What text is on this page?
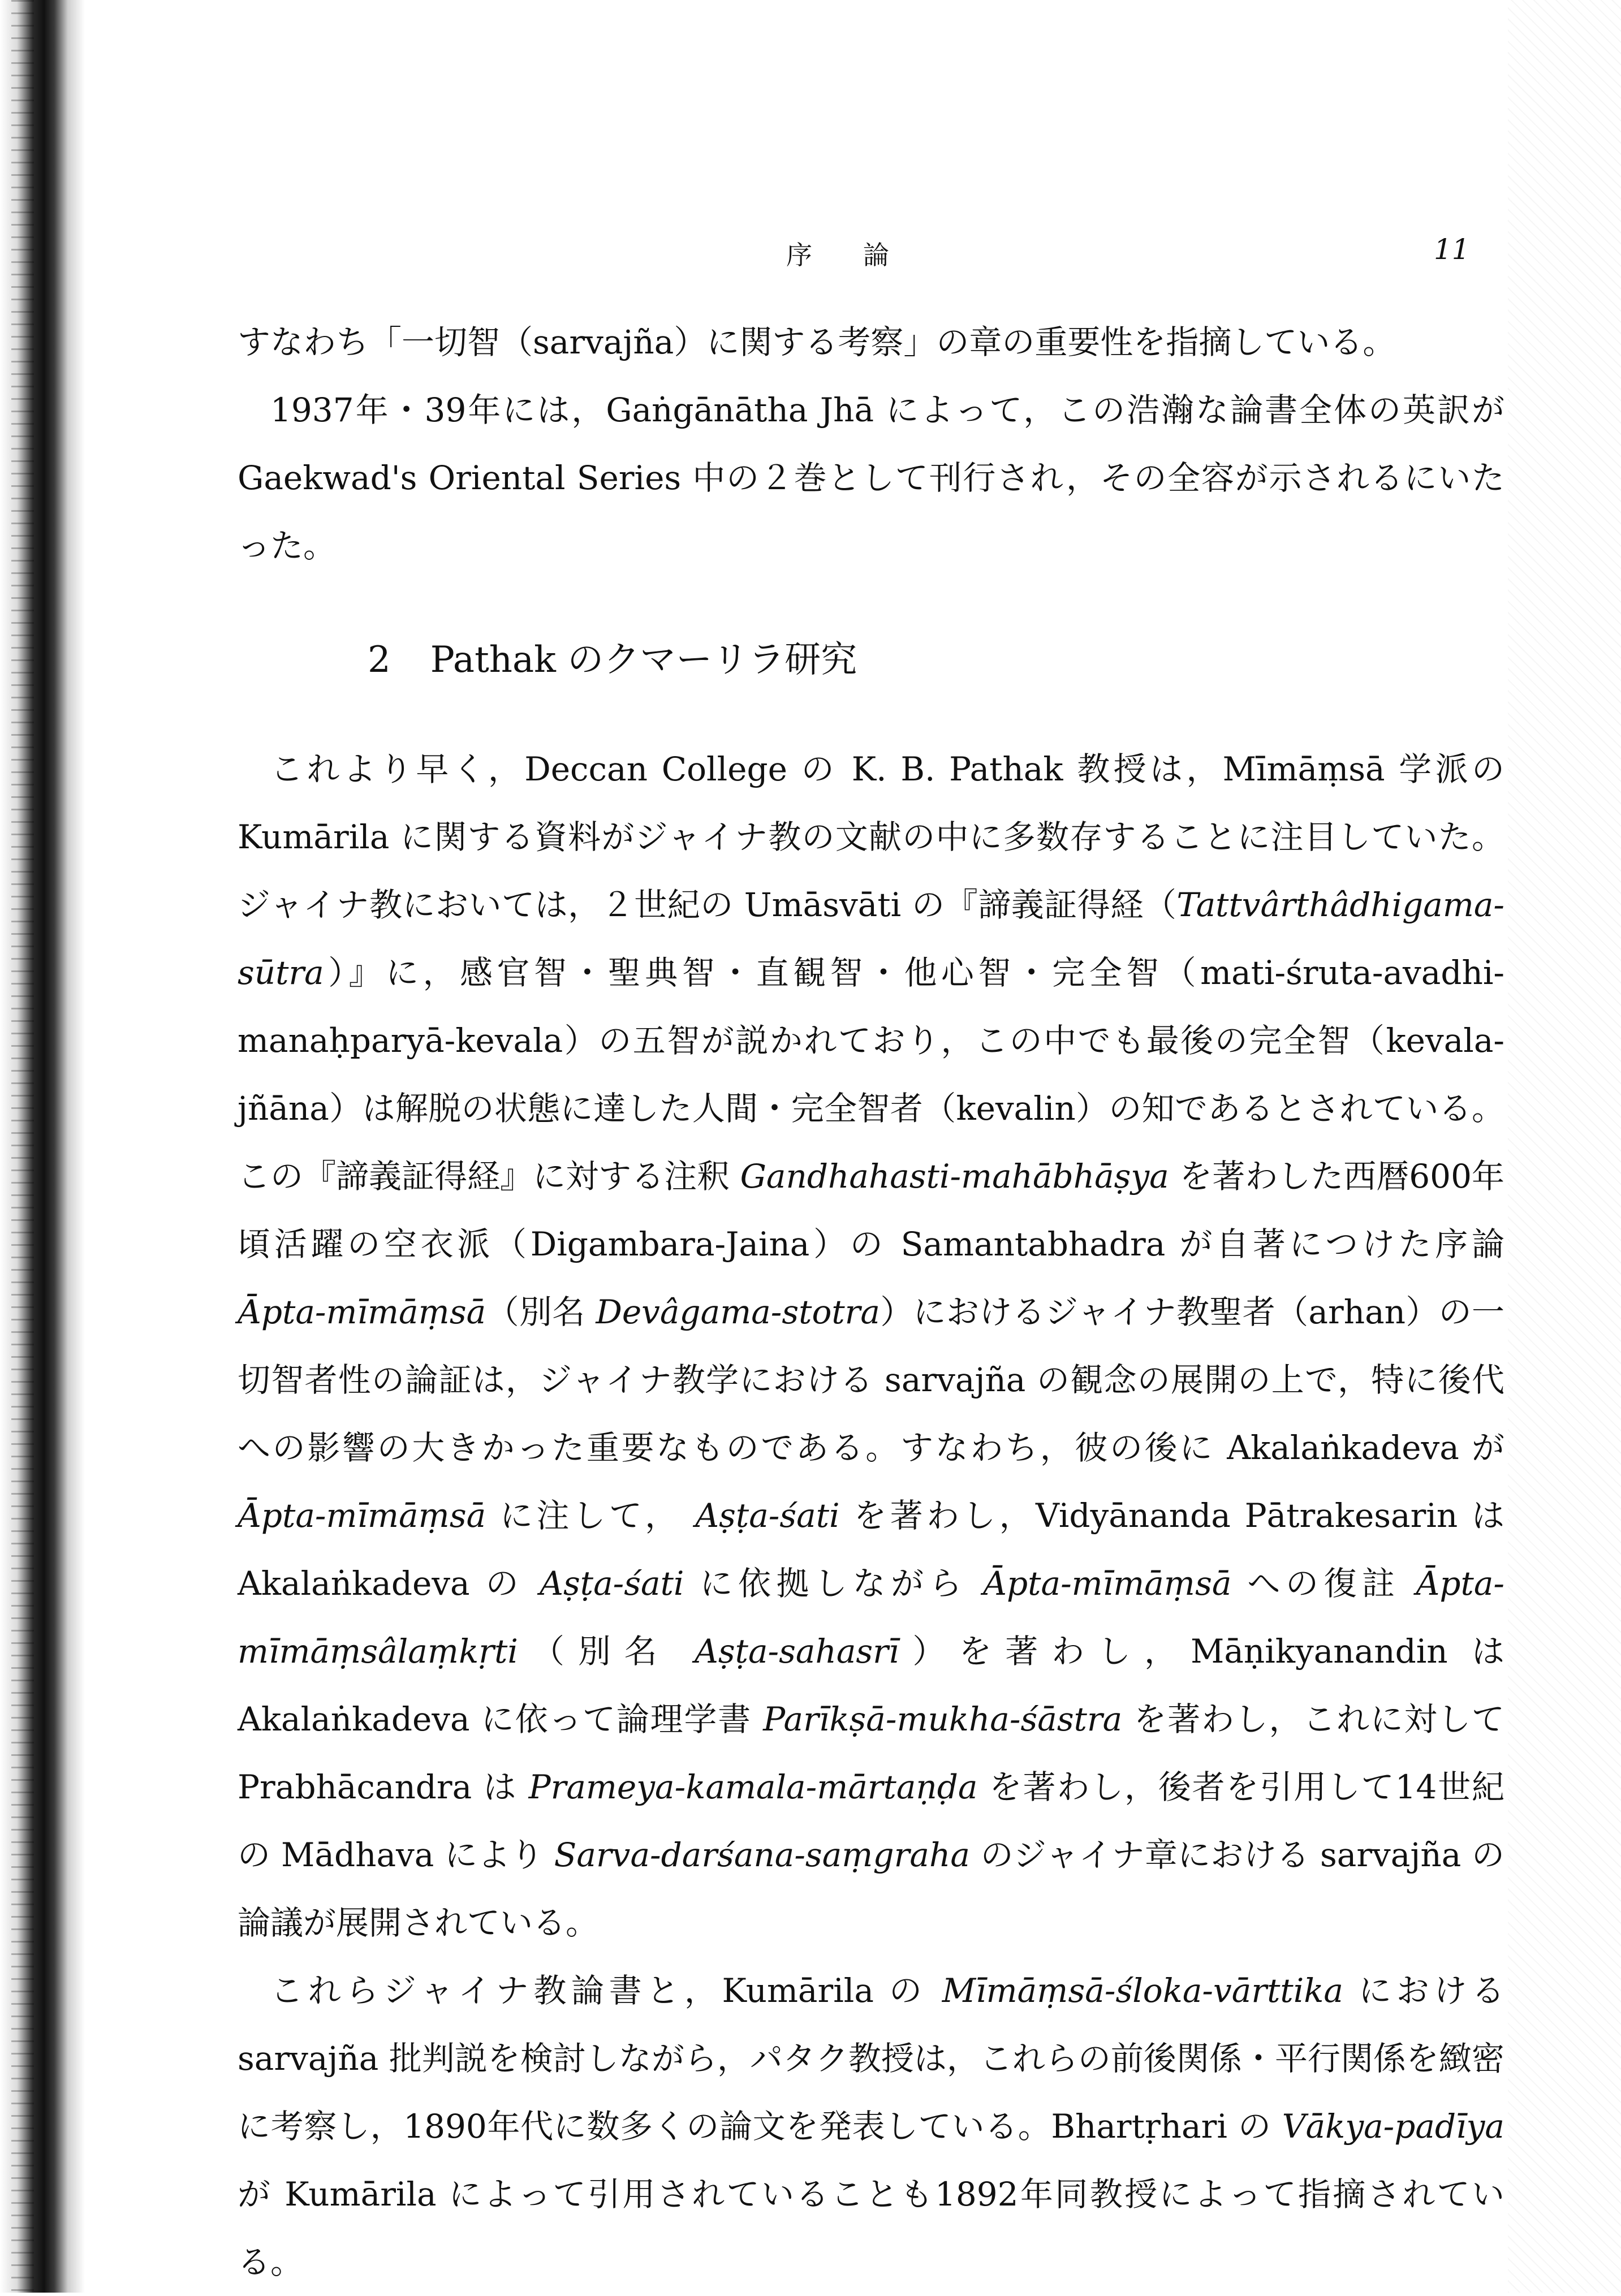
序論	11

すなわち「一切智（sarvajña）に関する考察」の章の重要性を指摘している。

1937年・39年には，Gaṅgānātha Jhā によって，この浩瀚な論書全体の英訳が Gaekwad's Oriental Series 中の２巻として刊行され，その全容が示されるにいたった。

2 Pathak のクマーリラ研究

これより早く，Deccan College の K. B. Pathak 教授は，Mīmāṃsā 学派の Kumārila に関する資料がジャイナ教の文献の中に多数存することに注目していた。ジャイナ教においては，２世紀の Umāsvāti の『諦義証得経（Tattvârthâdhigama-sūtra）』に，感官智・聖典智・直観智・他心智・完全智（mati-śruta-avadhi-manaḥparyā-kevala）の五智が説かれており，この中でも最後の完全智（kevala-jñāna）は解脱の状態に達した人間・完全智者（kevalin）の知であるとされている。この『諦義証得経』に対する注釈 Gandhahasti-mahābhāṣya を著わした西暦600年頃活躍の空衣派（Digambara-Jaina）の Samantabhadra が自著につけた序論 Āpta-mīmāṃsā（別名 Devâgama-stotra）におけるジャイナ教聖者（arhan）の一切智者性の論証は，ジャイナ教学における sarvajña の観念の展開の上で，特に後代への影響の大きかった重要なものである。すなわち，彼の後に Akalaṅkadeva が Āpta-mīmāṃsā に注して， Aṣṭa-śati を著わし，Vidyānanda Pātrakesarin は Akalaṅkadeva の Aṣṭa-śati に依拠しながら Āpta-mīmāṃsā への復註 Āpta-mīmāṃsâlaṃkṛti（別名 Aṣṭa-sahasrī）を著わし，Māṇikyanandin は Akalaṅkadeva に依って論理学書 Parīkṣā-mukha-śāstra を著わし，これに対して Prabhācandra は Prameya-kamala-mārtaṇḍa を著わし，後者を引用して14世紀の Mādhava により Sarva-darśana-saṃgraha のジャイナ章における sarvajña の論議が展開されている。

これらジャイナ教論書と，Kumārila の Mīmāṃsā-śloka-vārttika における sarvajña 批判説を検討しながら，パタク教授は，これらの前後関係・平行関係を緻密に考察し，1890年代に数多くの論文を発表している。Bhartṛhari の Vākya-padīya が Kumārila によって引用されていることも1892年同教授によって指摘されている。
